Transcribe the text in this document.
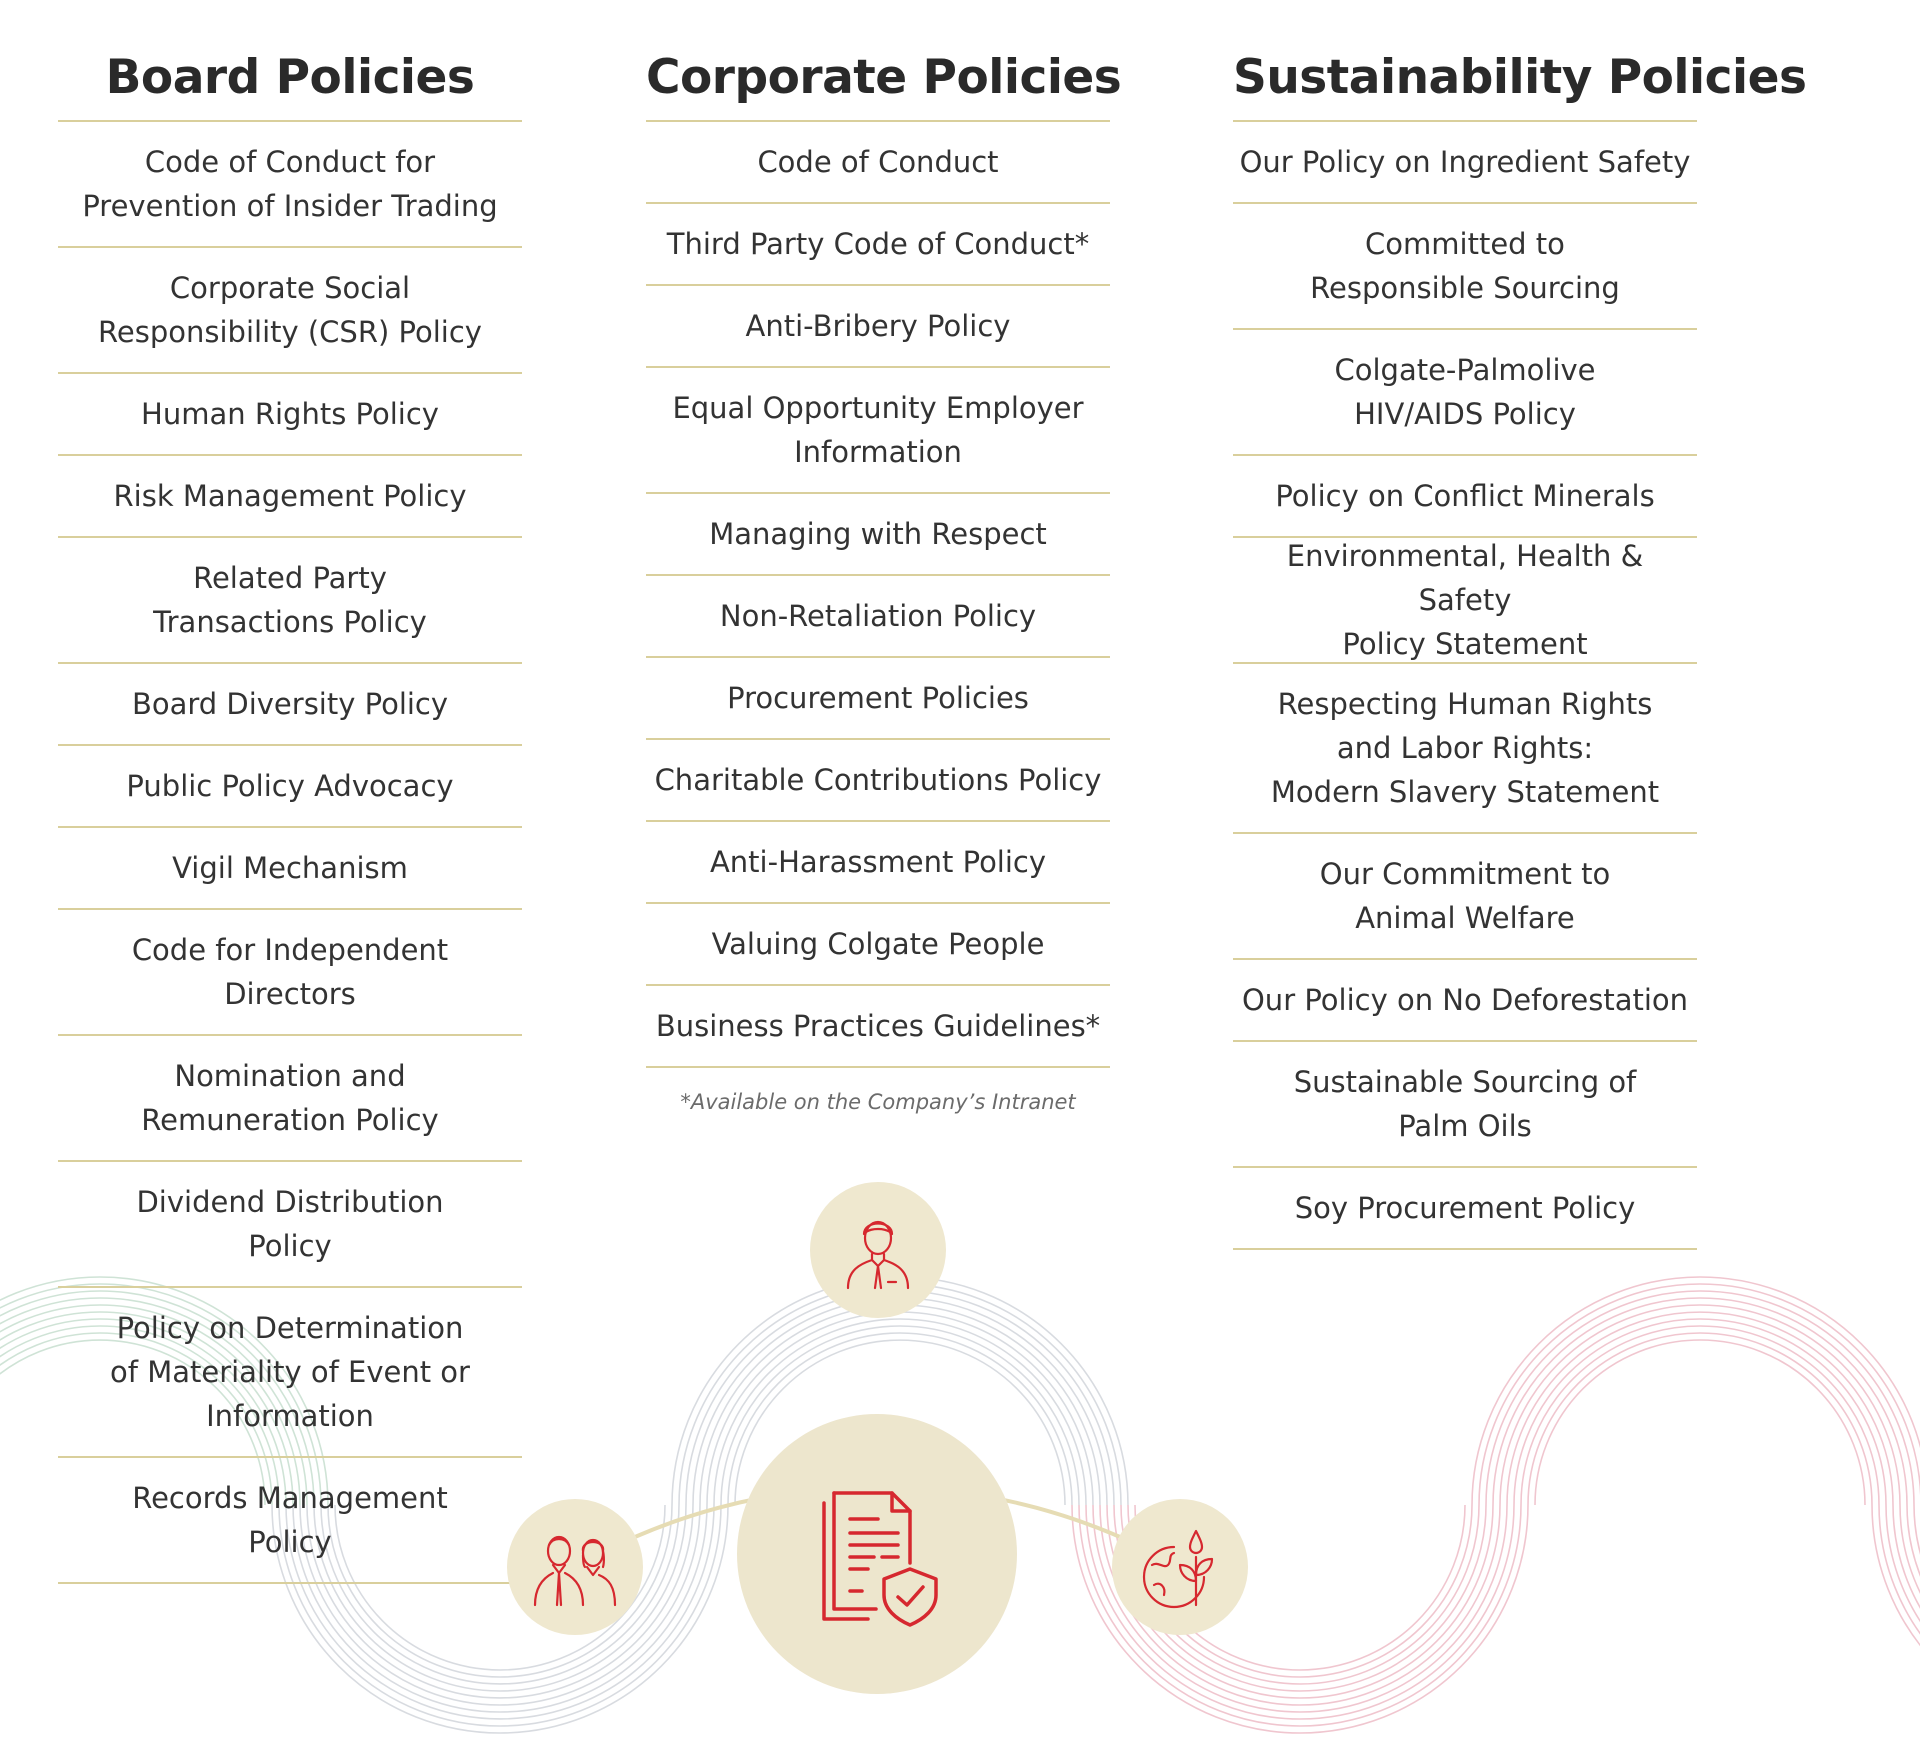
Board Policies
Code of Conduct for
Prevention of Insider Trading
Corporate Social
Responsibility (CSR) Policy
Human Rights Policy
Risk Management Policy
Related Party
Transactions Policy
Board Diversity Policy
Public Policy Advocacy
Vigil Mechanism
Code for Independent
Directors
Nomination and
Remuneration Policy
Dividend Distribution
Policy
Policy on Determination
of Materiality of Event or
Information
Records Management
Policy
Corporate Policies
Code of Conduct
Third Party Code of Conduct*
Anti-Bribery Policy
Equal Opportunity Employer
Information
Managing with Respect
Non-Retaliation Policy
Procurement Policies
Charitable Contributions Policy
Anti-Harassment Policy
Valuing Colgate People
Business Practices Guidelines*
*Available on the Company’s Intranet
Sustainability Policies
Our Policy on Ingredient Safety
Committed to
Responsible Sourcing
Colgate-Palmolive
HIV/AIDS Policy
Policy on Conflict Minerals
Environmental, Health & Safety
Policy Statement
Respecting Human Rights
and Labor Rights:
Modern Slavery Statement
Our Commitment to
Animal Welfare
Our Policy on No Deforestation
Sustainable Sourcing of
Palm Oils
Soy Procurement Policy
